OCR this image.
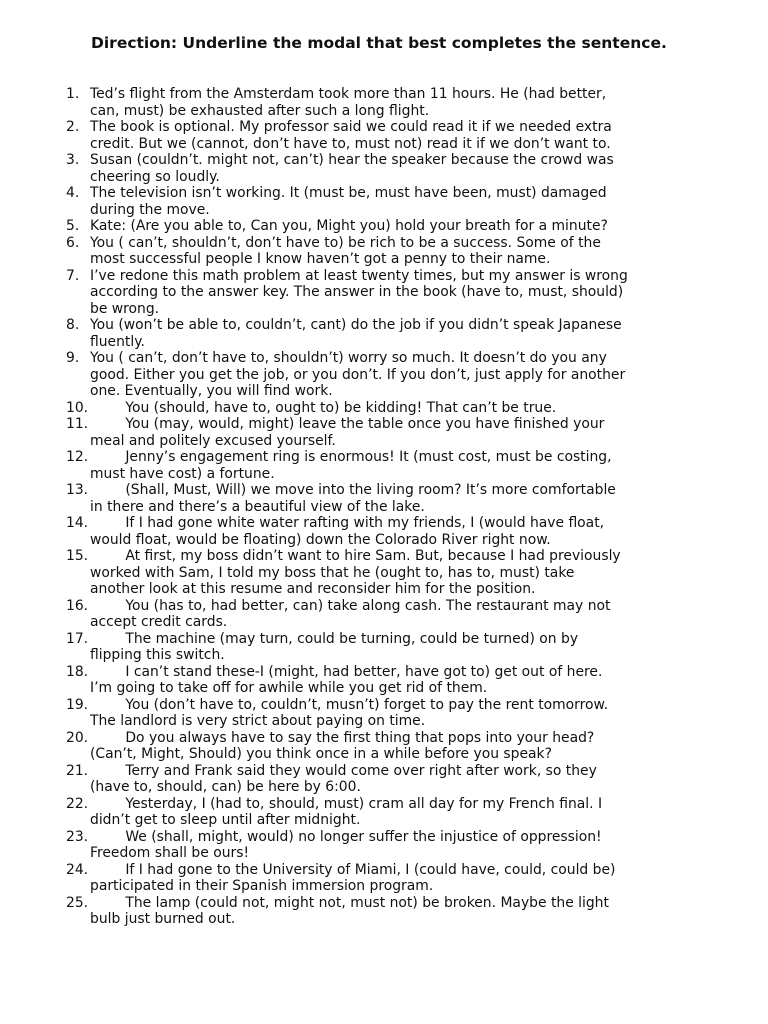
Direction: Underline the modal that best completes the sentence.
1. Ted’s flight from the Amsterdam took more than 11 hours. He (had better,
can, must) be exhausted after such a long flight.
2. The book is optional. My professor said we could read it if we needed extra
credit. But we (cannot, don’t have to, must not) read it if we don’t want to.
3. Susan (couldn’t. might not, can’t) hear the speaker because the crowd was
cheering so loudly.
4. The television isn’t working. It (must be, must have been, must) damaged
during the move.
5. Kate: (Are you able to, Can you, Might you) hold your breath for a minute?
6. You ( can’t, shouldn’t, don’t have to) be rich to be a success. Some of the
most successful people I know haven’t got a penny to their name.
7. I’ve redone this math problem at least twenty times, but my answer is wrong
according to the answer key. The answer in the book (have to, must, should)
be wrong.
8. You (won’t be able to, couldn’t, cant) do the job if you didn’t speak Japanese
fluently.
9. You ( can’t, don’t have to, shouldn’t) worry so much. It doesn’t do you any
good. Either you get the job, or you don’t. If you don’t, just apply for another
one. Eventually, you will find work.
10. You (should, have to, ought to) be kidding! That can’t be true.
11.	You (may, would, might) leave the table once you have finished your
meal and politely excused yourself.
12.	Jenny’s engagement ring is enormous! It (must cost, must be costing,
must have cost) a fortune.
13.	(Shall, Must, Will) we move into the living room? It’s more comfortable
in there and there’s a beautiful view of the lake.
14.	If I had gone white water rafting with my friends, I (would have float,
would float, would be floating) down the Colorado River right now.
15.	At first, my boss didn’t want to hire Sam. But, because I had previously
worked with Sam, I told my boss that he (ought to, has to, must) take
another look at this resume and reconsider him for the position.
16.	You (has to, had better, can) take along cash. The restaurant may not
accept credit cards.
17.	The machine (may turn, could be turning, could be turned) on by
flipping this switch.
18.	I can’t stand these-I (might, had better, have got to) get out of here.
I’m going to take off for awhile while you get rid of them.
19.	You (don’t have to, couldn’t, musn’t) forget to pay the rent tomorrow.
The landlord is very strict about paying on time.
20.	Do you always have to say the first thing that pops into your head?
(Can’t, Might, Should) you think once in a while before you speak?
21.	Terry and Frank said they would come over right after work, so they
(have to, should, can) be here by 6:00.
22.	Yesterday, I (had to, should, must) cram all day for my French final. I
didn’t get to sleep until after midnight.
23.	We (shall, might, would) no longer suffer the injustice of oppression!
Freedom shall be ours!
24.	If I had gone to the University of Miami, I (could have, could, could be)
participated in their Spanish immersion program.
25.	The lamp (could not, might not, must not) be broken. Maybe the light
bulb just burned out.
